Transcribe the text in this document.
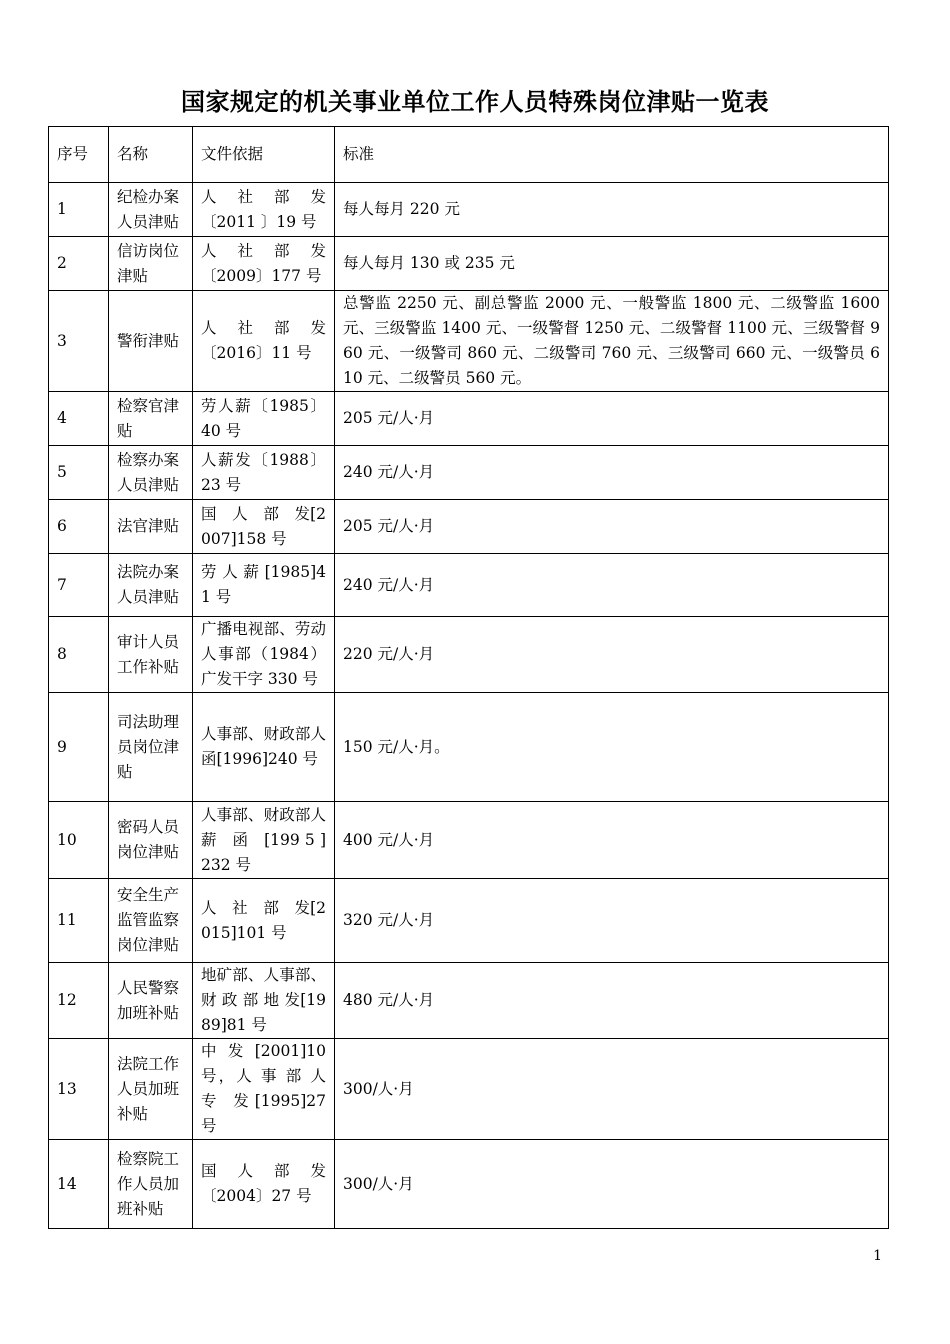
国家规定的机关事业单位工作人员特殊岗位津贴一览表
序号	名称	文件依据	标准
1	纪检办案人员津贴	人　社　部　发〔2011 〕19 号	每人每月 220 元
2	信访岗位津贴	人　社　部　发〔2009〕177 号	每人每月 130 或 235 元
3	警衔津贴	人　社　部　发〔2016〕11 号	总警监 2250 元、副总警监 2000 元、一般警监 1800 元、二级警监 1600 元、三级警监 1400 元、一级警督 1250 元、二级警督 1100 元、三级警督 960 元、一级警司 860 元、二级警司 760 元、三级警司 660 元、一级警员 610 元、二级警员 560 元。
4	检察官津贴	劳人薪〔1985〕40 号	205 元/人·月
5	检察办案人员津贴	人薪发〔1988〕23 号	240 元/人·月
6	法官津贴	国　人　部　发[2007]158 号	205 元/人·月
7	法院办案人员津贴	劳 人 薪 [1985]41 号	240 元/人·月
8	审计人员工作补贴	广播电视部、劳动人事部（1984）广发干字 330 号	220 元/人·月
9	司法助理员岗位津贴	人事部、财政部人函[1996]240 号	150 元/人·月。
10	密码人员岗位津贴	人事部、财政部人　薪　函　[199 5 ]232 号	400 元/人·月
11	安全生产监管监察岗位津贴	人　社　部　发[2015]101 号	320 元/人·月
12	人民警察加班补贴	地矿部、人事部、财 政 部 地 发[1989]81 号	480 元/人·月
13	法院工作人员加班补贴	中发[2001]10 号，人 事 部 人 专 发[1995]27 号	300/人·月
14	检察院工作人员加班补贴	国　人　部　发〔2004〕27 号	300/人·月
1
